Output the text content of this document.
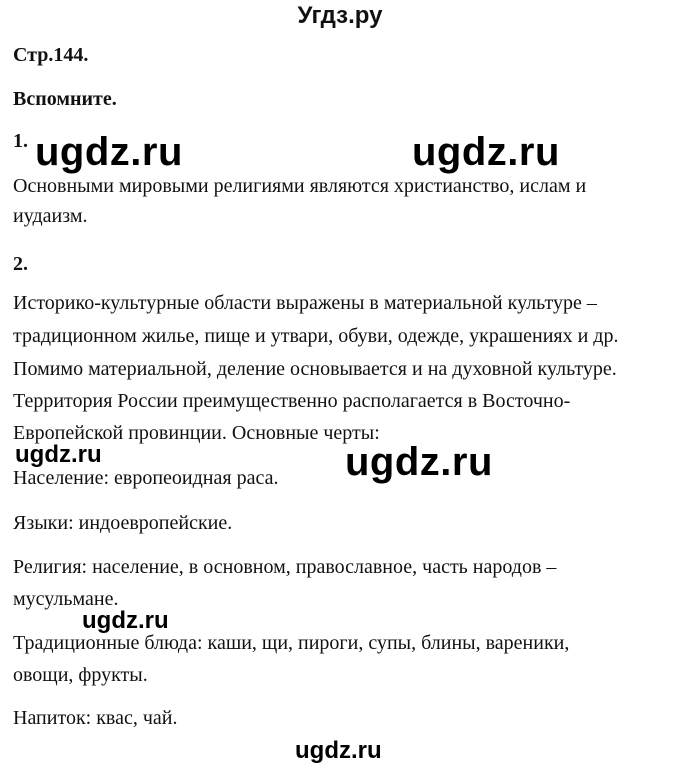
Угдз.ру
Стр.144.
Вспомните.
1.
Основными мировыми религиями являются христианство, ислам и
иудаизм.
2.
Историко-культурные области выражены в материальной культуре –
традиционном жилье, пище и утвари, обуви, одежде, украшениях и др.
Помимо материальной, деление основывается и на духовной культуре.
Территория России преимущественно располагается в Восточно-
Европейской провинции. Основные черты:
Население: европеоидная раса.
Языки: индоевропейские.
Религия: население, в основном, православное, часть народов –
мусульмане.
Традиционные блюда: каши, щи, пироги, супы, блины, вареники,
овощи, фрукты.
Напиток: квас, чай.
ugdz.ru	ugdz.ru
ugdz.ru	ugdz.ru
ugdz.ru
ugdz.ru
